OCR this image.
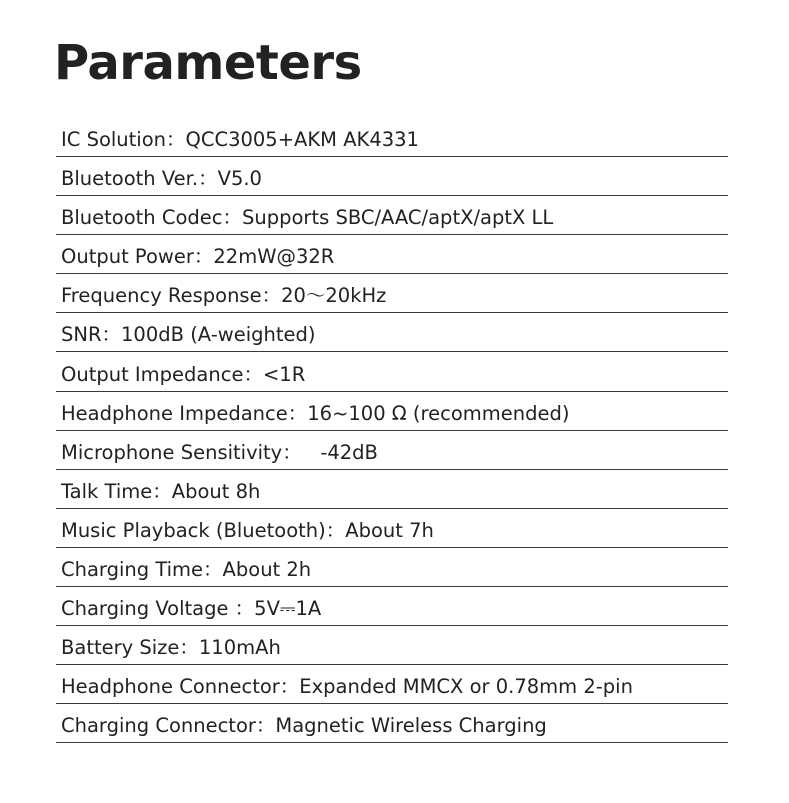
Parameters
IC Solution：QCC3005+AKM AK4331
Bluetooth Ver.：V5.0
Bluetooth Codec：Supports SBC/AAC/aptX/aptX LL
Output Power：22mW@32R
Frequency Response：20～20kHz
SNR：100dB (A-weighted)
Output Impedance：<1R
Headphone Impedance：16~100 Ω (recommended)
Microphone Sensitivity：   -42dB
Talk Time：About 8h
Music Playback (Bluetooth)：About 7h
Charging Time：About 2h
Charging Voltage ：5V⎓1A
Battery Size：110mAh
Headphone Connector：Expanded MMCX or 0.78mm 2-pin
Charging Connector：Magnetic Wireless Charging
